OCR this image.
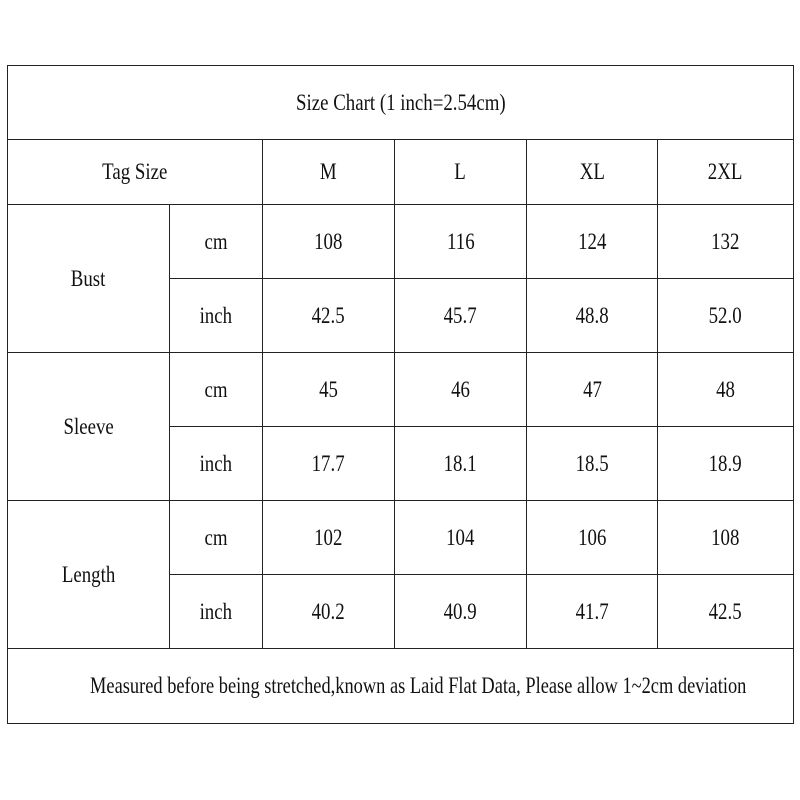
Size Chart (1 inch=2.54cm)					
Tag Size		M	L	XL	2XL
Bust	cm	108	116	124	132
	inch	42.5	45.7	48.8	52.0
Sleeve	cm	45	46	47	48
	inch	17.7	18.1	18.5	18.9
Length	cm	102	104	106	108
	inch	40.2	40.9	41.7	42.5
Measured before being stretched,known as Laid Flat Data, Please allow 1~2cm deviation					
